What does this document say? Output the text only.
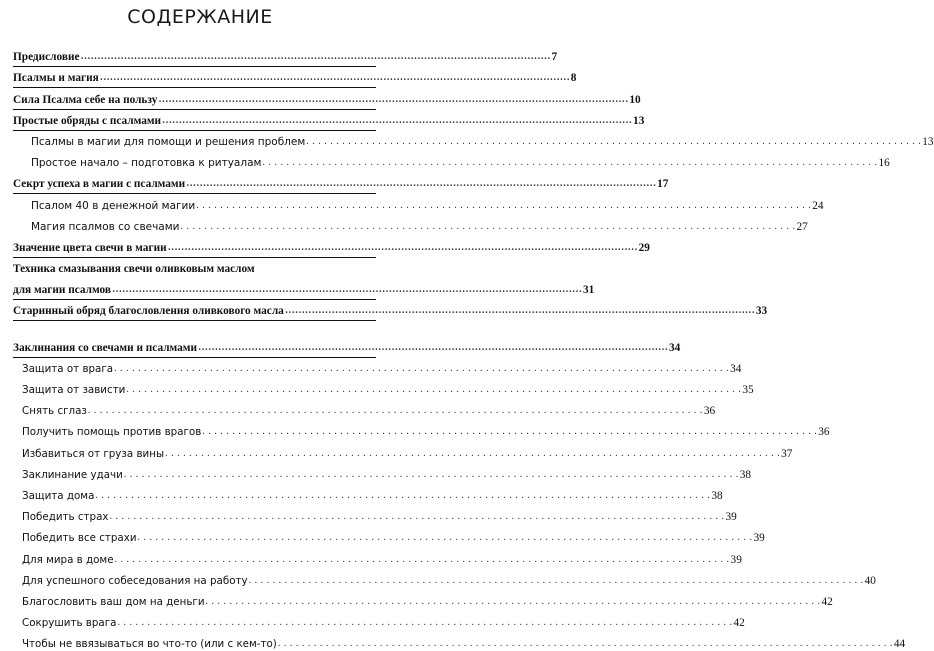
СОДЕРЖАНИЕ
Предисловие ……………………………………………………………………………………………………………………………	7
Псалмы и магия ……………………………………………………………………………………………………………………………	8
Сила Псалма себе на пользу ……………………………………………………………………………………………………………………………	10
Простые обряды с псалмами ……………………………………………………………………………………………………………………………	13
Псалмы в магии для помощи и решения проблем . . .	13
Простое начало – подготовка к ритуалам . . .	16
Секрт успеха в магии с псалмами ……………………………………………………………………………………………………………………………	17
Псалом 40 в денежной магии . . .	24
Магия псалмов со свечами . . .	27
Значение цвета свечи в магии ……………………………………………………………………………………………………………………………	29
Техника смазывания свечи оливковым маслом
для магии псалмов ……………………………………………………………………………………………………………………………	31
Старинный обряд благословления оливкового масла ……………………………………………………………………………………………………………………………	33
Заклинания со свечами и псалмами ……………………………………………………………………………………………………………………………	34
Защита от врага . . .	34
Защита от зависти . . .	35
Снять сглаз . . .	36
Получить помощь против врагов . . .	36
Избавиться от груза вины . . .	37
Заклинание удачи . . .	38
Защита дома . . .	38
Победить страх . . .	39
Победить все страхи . . .	39
Для мира в доме . . .	39
Для успешного собеседования на работу . . .	40
Благословить ваш дом на деньги . . .	42
Сокрушить врага . . .	42
Чтобы не ввязываться во что-то (или с кем-то) . . .	44
